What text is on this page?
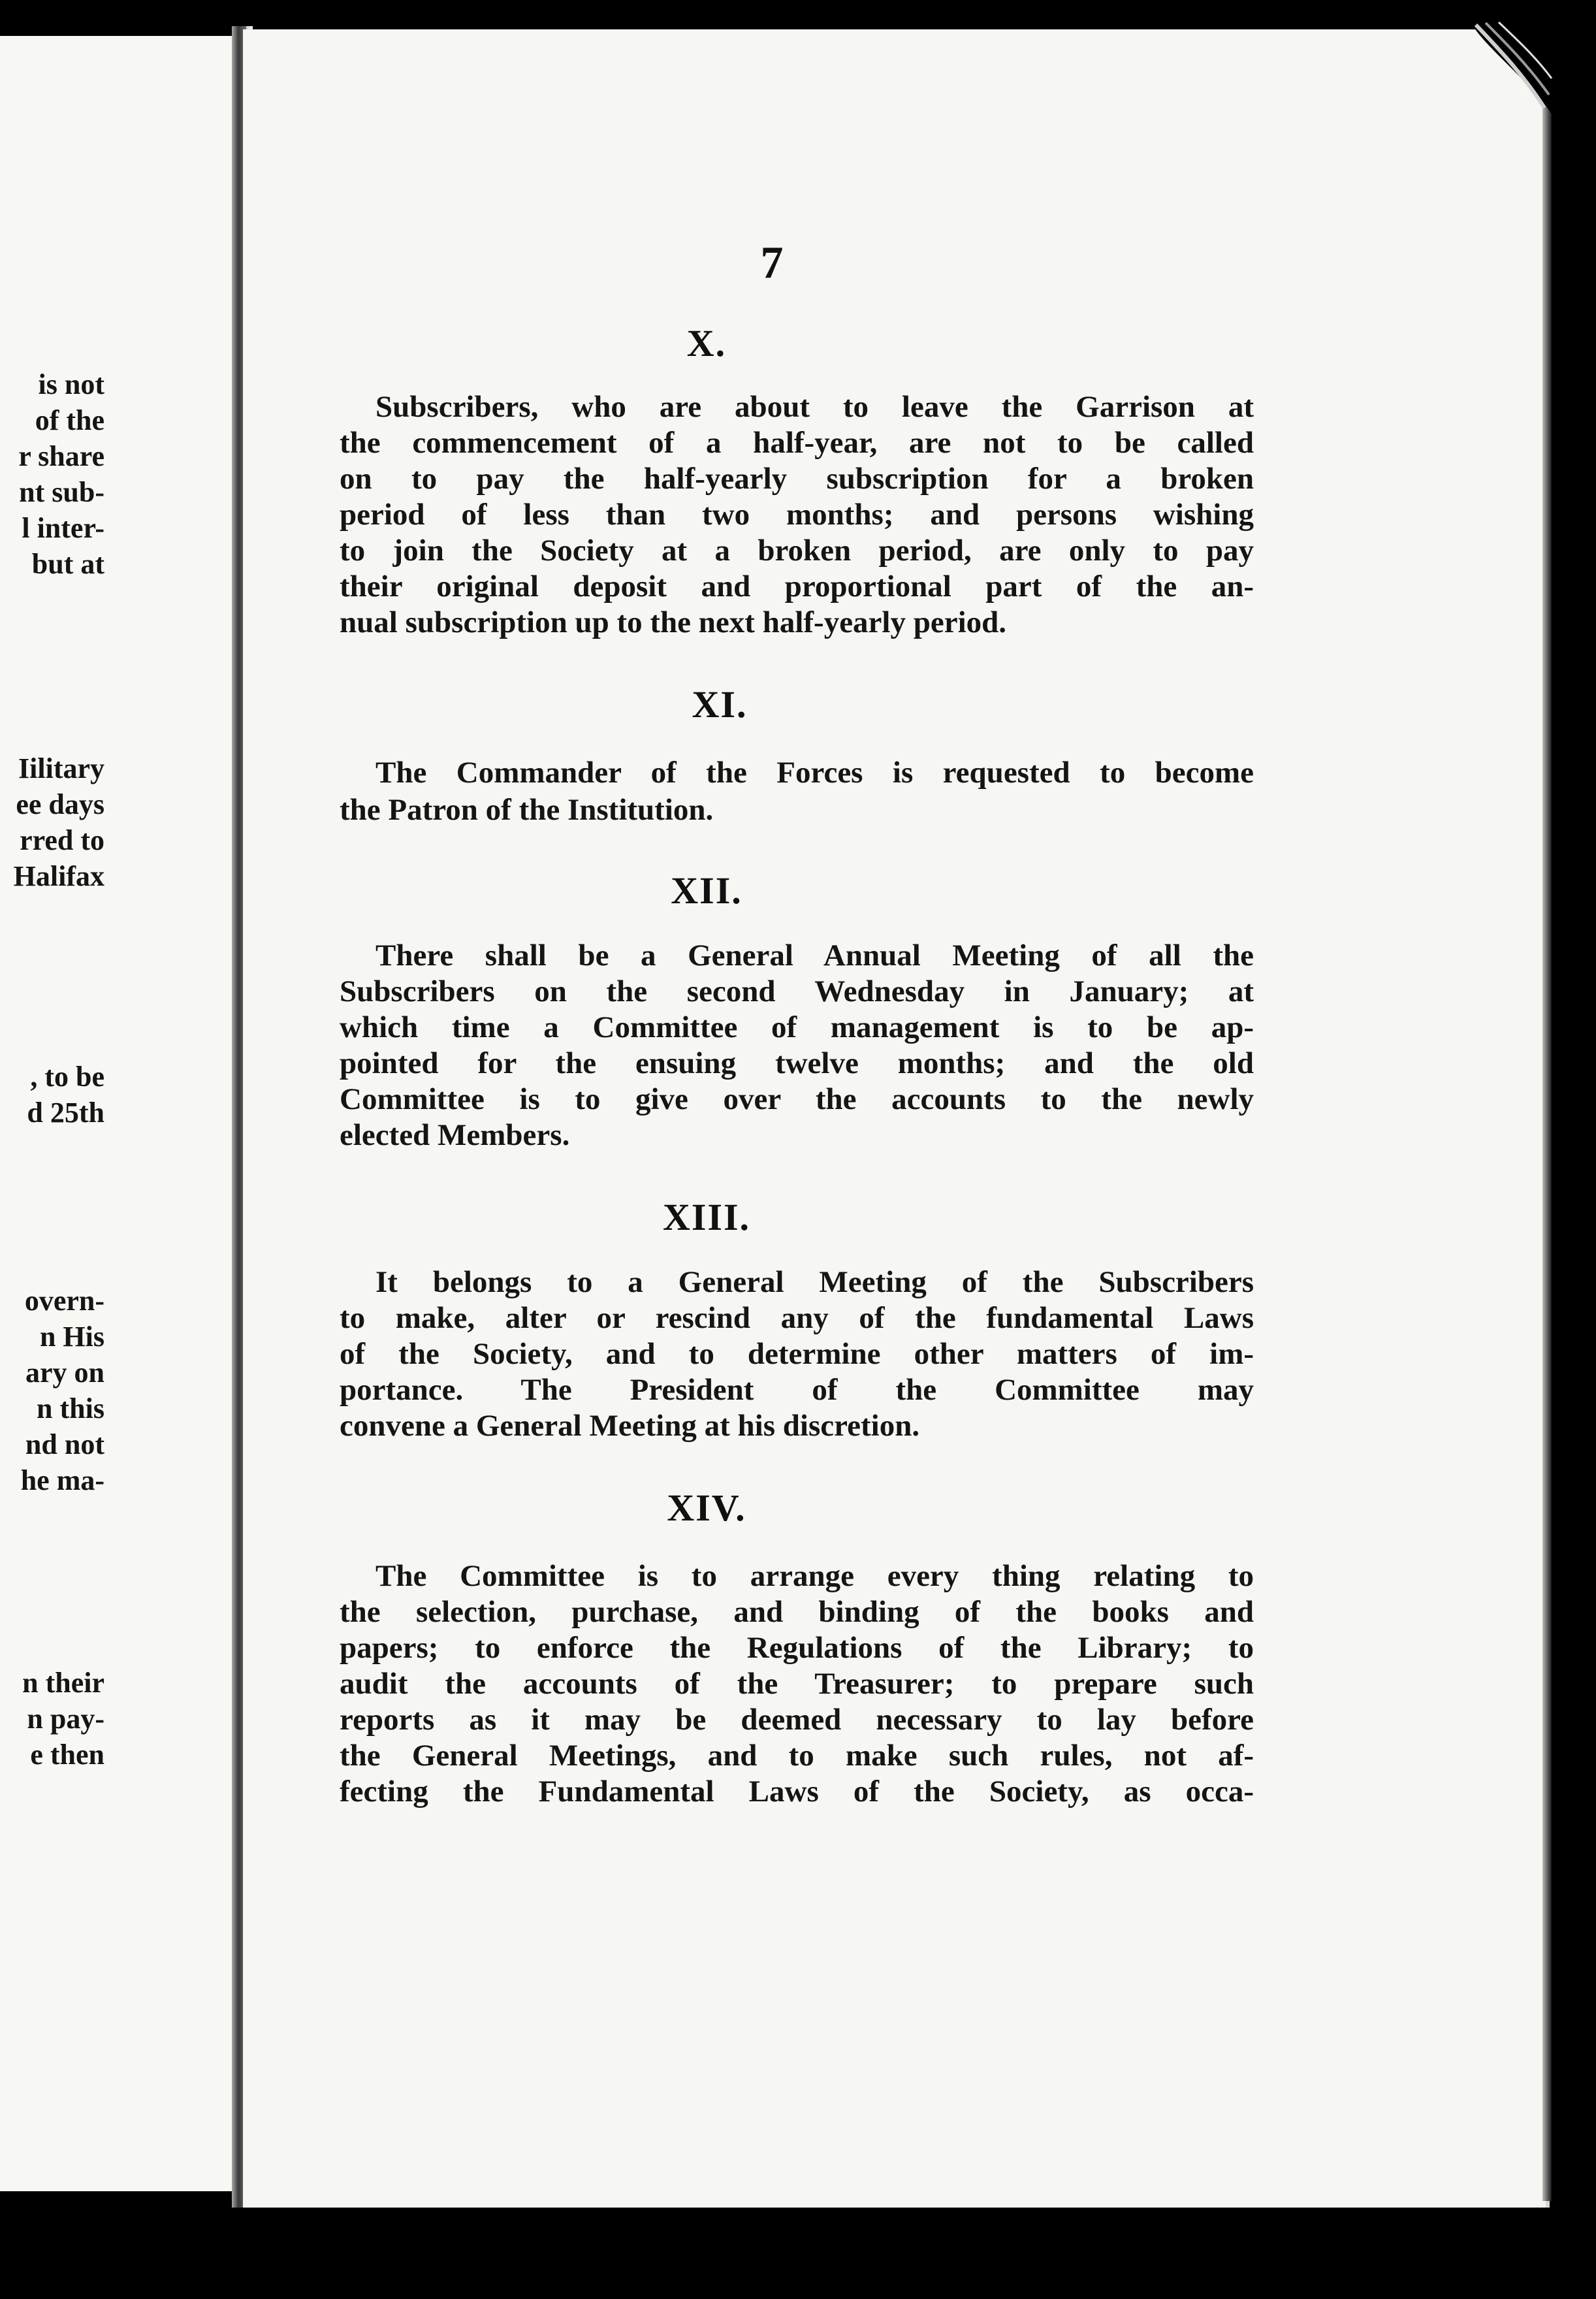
is not
of the
r share
nt sub-
l inter-
but at
Iilitary
ee days
rred to
Halifax
, to be
d 25th
overn-
n His
ary on
n this
nd not
he ma-
n their
n pay-
e then
7
X.
Subscribers, who are about to leave the Garrison at
the commencement of a half-year, are not to be called
on to pay the half-yearly subscription for a broken
period of less than two months; and persons wishing
to join the Society at a broken period, are only to pay
their original deposit and proportional part of the an-
nual subscription up to the next half-yearly period.
XI.
The Commander of the Forces is requested to become
the Patron of the Institution.
XII.
There shall be a General Annual Meeting of all the
Subscribers on the second Wednesday in January; at
which time a Committee of management is to be ap-
pointed for the ensuing twelve months; and the old
Committee is to give over the accounts to the newly
elected Members.
XIII.
It belongs to a General Meeting of the Subscribers
to make, alter or rescind any of the fundamental Laws
of the Society, and to determine other matters of im-
portance. The President of the Committee may
convene a General Meeting at his discretion.
XIV.
The Committee is to arrange every thing relating to
the selection, purchase, and binding of the books and
papers; to enforce the Regulations of the Library; to
audit the accounts of the Treasurer; to prepare such
reports as it may be deemed necessary to lay before
the General Meetings, and to make such rules, not af-
fecting the Fundamental Laws of the Society, as occa-
